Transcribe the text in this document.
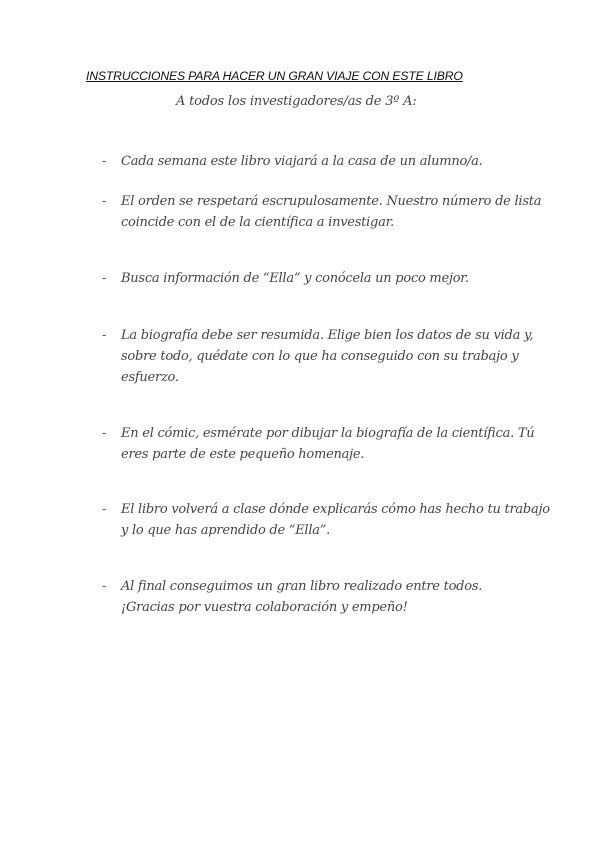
INSTRUCCIONES PARA HACER UN GRAN VIAJE CON ESTE LIBRO

A todos los investigadores/as de 3º A:

- Cada semana este libro viajará a la casa de un alumno/a.
- El orden se respetará escrupulosamente. Nuestro número de lista
coincide con el de la científica a investigar.
- Busca información de “Ella” y conócela un poco mejor.
- La biografía debe ser resumida. Elige bien los datos de su vida y,
sobre todo, quédate con lo que ha conseguido con su trabajo y
esfuerzo.
- En el cómic, esmérate por dibujar la biografía de la científica. Tú
eres parte de este pequeño homenaje.
- El libro volverá a clase dónde explicarás cómo has hecho tu trabajo
y lo que has aprendido de “Ella”.
- Al final conseguimos un gran libro realizado entre todos.
¡Gracias por vuestra colaboración y empeño!
